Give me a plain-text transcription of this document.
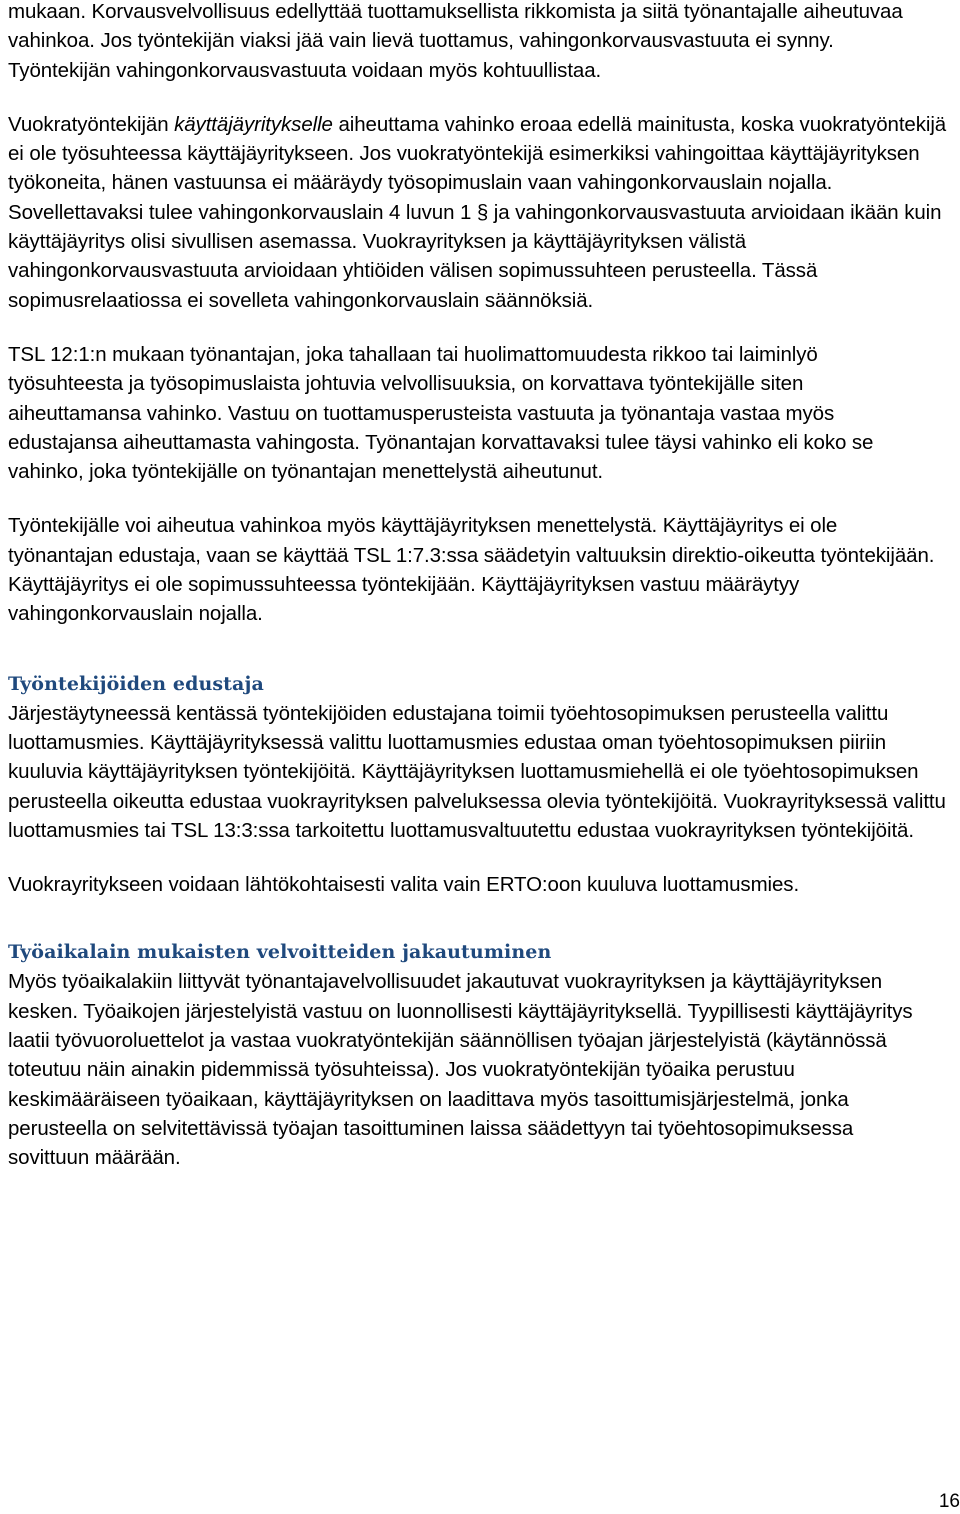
mukaan. Korvausvelvollisuus edellyttää tuottamuksellista rikkomista ja siitä työnantajalle aiheutuvaa vahinkoa. Jos työntekijän viaksi jää vain lievä tuottamus, vahingonkorvausvastuuta ei synny. Työntekijän vahingonkorvausvastuuta voidaan myös kohtuullistaa.

Vuokratyöntekijän käyttäjäyritykselle aiheuttama vahinko eroaa edellä mainitusta, koska vuokratyöntekijä ei ole työsuhteessa käyttäjäyritykseen. Jos vuokratyöntekijä esimerkiksi vahingoittaa käyttäjäyrityksen työkoneita, hänen vastuunsa ei määräydy työsopimuslain vaan vahingonkorvauslain nojalla. Sovellettavaksi tulee vahingonkorvauslain 4 luvun 1 § ja vahingonkorvausvastuuta arvioidaan ikään kuin käyttäjäyritys olisi sivullisen asemassa. Vuokrayrityksen ja käyttäjäyrityksen välistä vahingonkorvausvastuuta arvioidaan yhtiöiden välisen sopimussuhteen perusteella. Tässä sopimusrelaatiossa ei sovelleta vahingonkorvauslain säännöksiä.

TSL 12:1:n mukaan työnantajan, joka tahallaan tai huolimattomuudesta rikkoo tai laiminlyö työsuhteesta ja työsopimuslaista johtuvia velvollisuuksia, on korvattava työntekijälle siten aiheuttamansa vahinko. Vastuu on tuottamusperusteista vastuuta ja työnantaja vastaa myös edustajansa aiheuttamasta vahingosta. Työnantajan korvattavaksi tulee täysi vahinko eli koko se vahinko, joka työntekijälle on työnantajan menettelystä aiheutunut.

Työntekijälle voi aiheutua vahinkoa myös käyttäjäyrityksen menettelystä. Käyttäjäyritys ei ole työnantajan edustaja, vaan se käyttää TSL 1:7.3:ssa säädetyin valtuuksin direktio-oikeutta työntekijään. Käyttäjäyritys ei ole sopimussuhteessa työntekijään. Käyttäjäyrityksen vastuu määräytyy vahingonkorvauslain nojalla.

Työntekijöiden edustaja

Järjestäytyneessä kentässä työntekijöiden edustajana toimii työehtosopimuksen perusteella valittu luottamusmies. Käyttäjäyrityksessä valittu luottamusmies edustaa oman työehtosopimuksen piiriin kuuluvia käyttäjäyrityksen työntekijöitä. Käyttäjäyrityksen luottamusmiehellä ei ole työehtosopimuksen perusteella oikeutta edustaa vuokrayrityksen palveluksessa olevia työntekijöitä. Vuokrayrityksessä valittu luottamusmies tai TSL 13:3:ssa tarkoitettu luottamusvaltuutettu edustaa vuokrayrityksen työntekijöitä.

Vuokrayritykseen voidaan lähtökohtaisesti valita vain ERTO:oon kuuluva luottamusmies.

Työaikalain mukaisten velvoitteiden jakautuminen

Myös työaikalakiin liittyvät työnantajavelvollisuudet jakautuvat vuokrayrityksen ja käyttäjäyrityksen kesken. Työaikojen järjestelyistä vastuu on luonnollisesti käyttäjäyrityksellä. Tyypillisesti käyttäjäyritys laatii työvuoroluettelot ja vastaa vuokratyöntekijän säännöllisen työajan järjestelyistä (käytännössä toteutuu näin ainakin pidemmissä työsuhteissa). Jos vuokratyöntekijän työaika perustuu keskimääräiseen työaikaan, käyttäjäyrityksen on laadittava myös tasoittumisjärjestelmä, jonka perusteella on selvitettävissä työajan tasoittuminen laissa säädettyyn tai työehtosopimuksessa sovittuun määrään.

16
